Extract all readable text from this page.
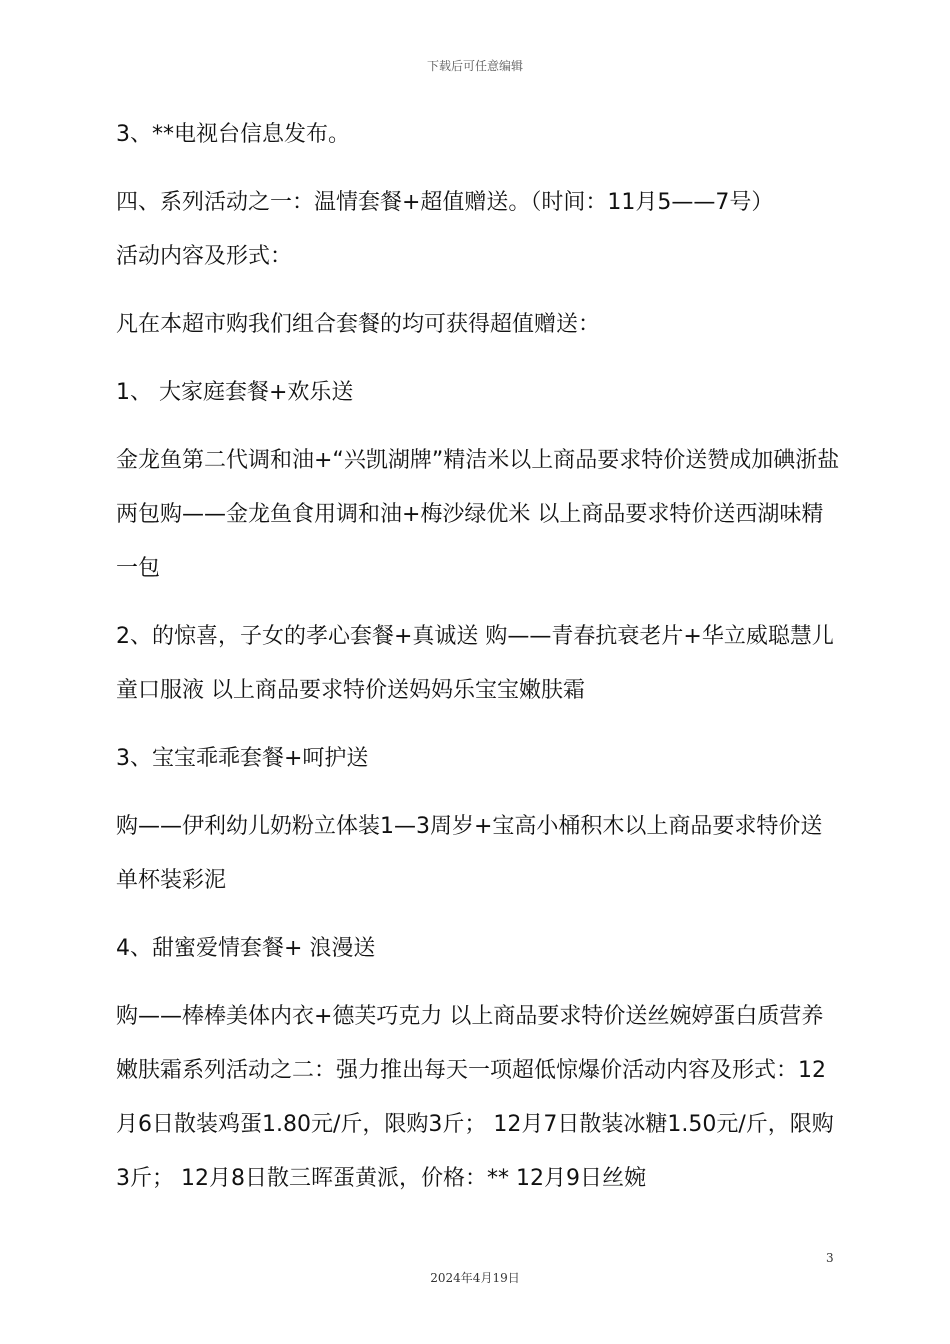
下载后可任意编辑
3、**电视台信息发布。
四、系列活动之一：温情套餐+超值赠送。（时间：11月5——7号）
活动内容及形式：
凡在本超市购我们组合套餐的均可获得超值赠送：
1、 大家庭套餐+欢乐送
金龙鱼第二代调和油+“兴凯湖牌”精洁米以上商品要求特价送赞成加碘浙盐两包购——金龙鱼食用调和油+梅沙绿优米 以上商品要求特价送西湖味精一包
2、的惊喜，子女的孝心套餐+真诚送 购——青春抗衰老片+华立威聪慧儿童口服液 以上商品要求特价送妈妈乐宝宝嫩肤霜
3、宝宝乖乖套餐+呵护送
购——伊利幼儿奶粉立体装1—3周岁+宝高小桶积木以上商品要求特价送单杯装彩泥
4、甜蜜爱情套餐+ 浪漫送
购——棒棒美体内衣+德芙巧克力 以上商品要求特价送丝婉婷蛋白质营养嫩肤霜系列活动之二：强力推出每天一项超低惊爆价活动内容及形式：12月6日散装鸡蛋1.80元/斤，限购3斤； 12月7日散装冰糖1.50元/斤，限购3斤； 12月8日散三晖蛋黄派，价格：** 12月9日丝婉
3
2024年4月19日
